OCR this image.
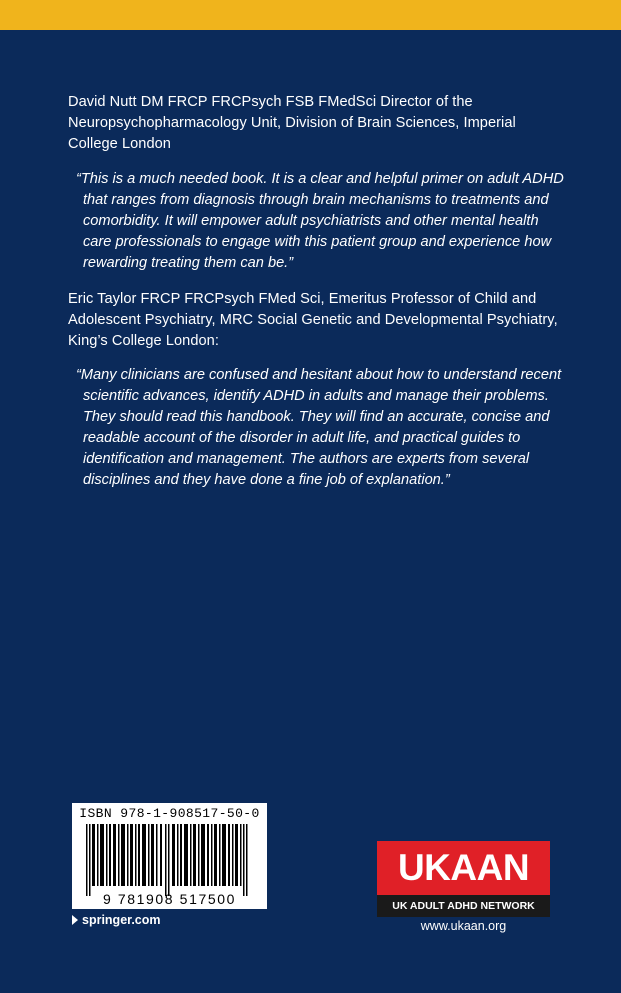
David Nutt DM FRCP FRCPsych FSB FMedSci Director of the Neuropsychopharmacology Unit, Division of Brain Sciences, Imperial College London

“This is a much needed book. It is a clear and helpful primer on adult ADHD that ranges from diagnosis through brain mechanisms to treatments and comorbidity. It will empower adult psychiatrists and other mental health care professionals to engage with this patient group and experience how rewarding treating them can be.”

Eric Taylor FRCP FRCPsych FMed Sci, Emeritus Professor of Child and Adolescent Psychiatry, MRC Social Genetic and Developmental Psychiatry, King’s College London:

“Many clinicians are confused and hesitant about how to understand recent scientific advances, identify ADHD in adults and manage their problems. They should read this handbook. They will find an accurate, concise and readable account of the disorder in adult life, and practical guides to identification and management. The authors are experts from several disciplines and they have done a fine job of explanation.”

ISBN 978-1-908517-50-0
9 781908 517500
springer.com
UKAAN
UK ADULT ADHD NETWORK
www.ukaan.org
